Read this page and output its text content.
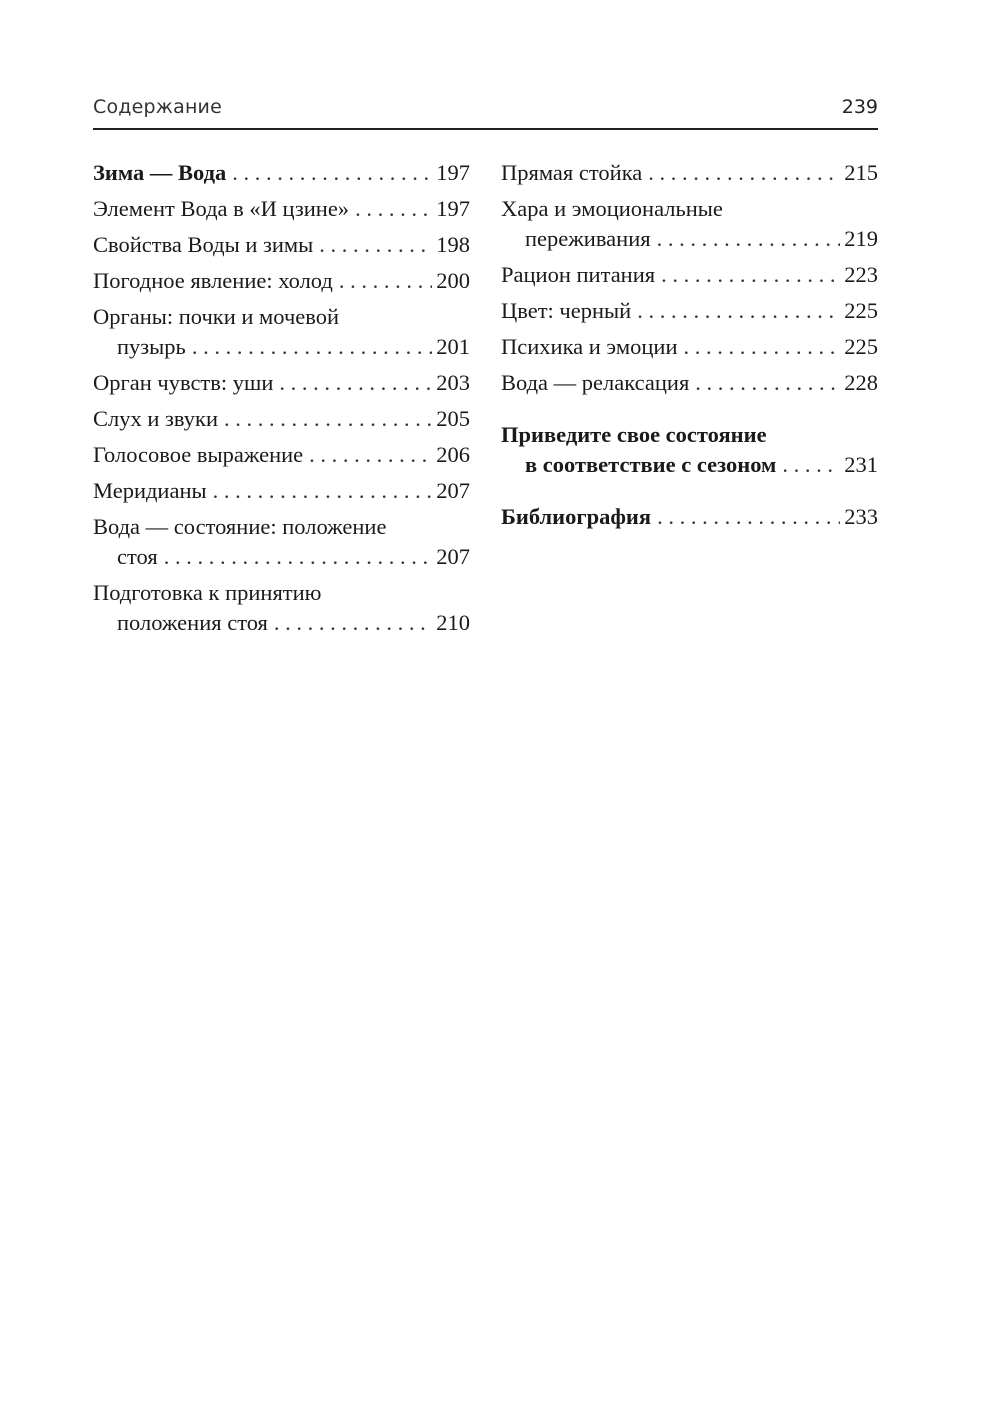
Содержание	239
Зима — Вода . . .	197
Элемент Вода в «И цзине» . . .	197
Свойства Воды и зимы . . .	198
Погодное явление: холод . . .	200
Органы: почки и мочевой
пузырь . . .	201
Орган чувств: уши . . .	203
Слух и звуки . . .	205
Голосовое выражение . . .	206
Меридианы . . .	207
Вода — состояние: положение
стоя . . .	207
Подготовка к принятию
положения стоя . . .	210
Прямая стойка . . .	215
Хара и эмоциональные
переживания . . .	219
Рацион питания . . .	223
Цвет: черный . . .	225
Психика и эмоции . . .	225
Вода — релаксация . . .	228
Приведите свое состояние
в соответствие с сезоном . . .	231
Библиография . . .	233
